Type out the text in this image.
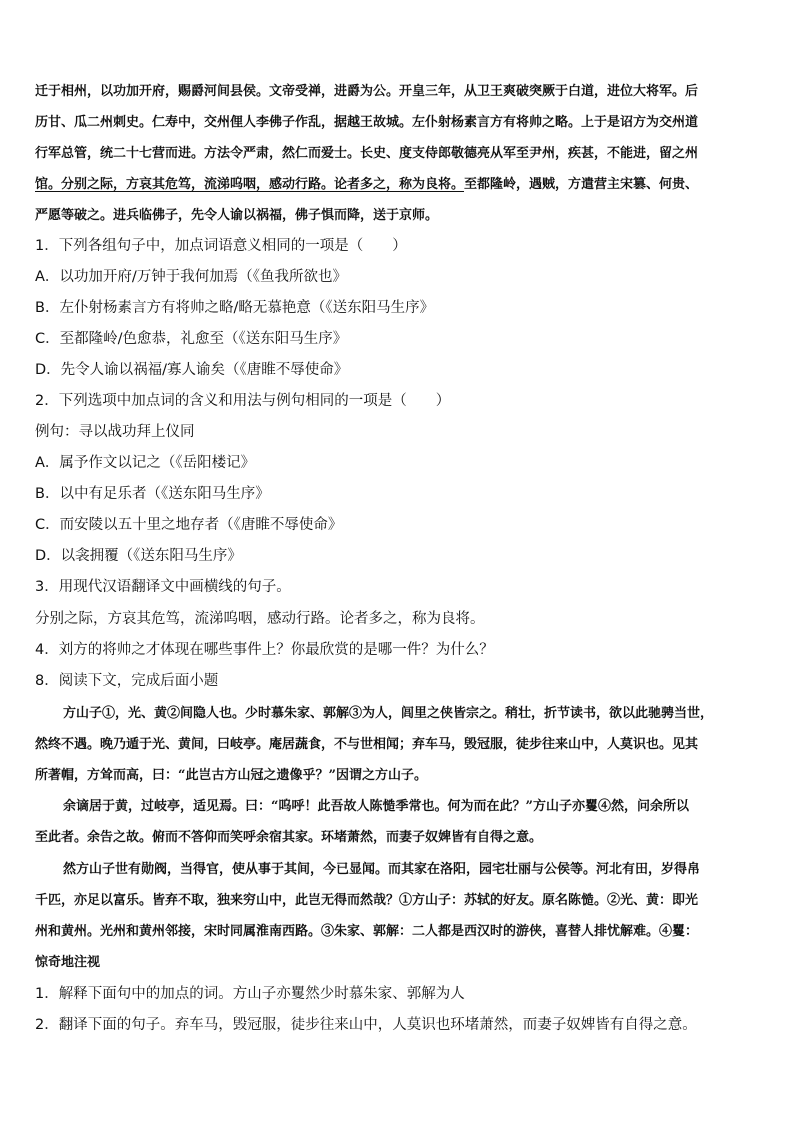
迁于相州，以功加开府，赐爵河间县侯。文帝受禅，进爵为公。开皇三年，从卫王爽破突厥于白道，进位大将军。后
历甘、瓜二州刺史。仁寿中，交州俚人李佛子作乱，据越王故城。左仆射杨素言方有将帅之略。上于是诏方为交州道
行军总管，统二十七营而进。方法令严肃，然仁而爱士。长史、度支侍郎敬德亮从军至尹州，疾甚，不能进，留之州
馆。分别之际，方哀其危笃，流涕呜咽，感动行路。论者多之，称为良将。至都隆岭，遇贼，方遣营主宋篡、何贵、
严愿等破之。进兵临佛子，先令人谕以祸福，佛子惧而降，送于京师。
1．下列各组句子中，加点词语意义相同的一项是（　　）
A．以功加开府/万钟于我何加焉（《鱼我所欲也》
B．左仆射杨素言方有将帅之略/略无慕艳意（《送东阳马生序》
C．至都隆岭/色愈恭，礼愈至（《送东阳马生序》
D．先令人谕以祸福/寡人谕矣（《唐睢不辱使命》
2．下列选项中加点词的含义和用法与例句相同的一项是（　　）
例句：寻以战功拜上仪同
A．属予作文以记之（《岳阳楼记》
B．以中有足乐者（《送东阳马生序》
C．而安陵以五十里之地存者（《唐睢不辱使命》
D．以衾拥覆（《送东阳马生序》
3．用现代汉语翻译文中画横线的句子。
分别之际，方哀其危笃，流涕呜咽，感动行路。论者多之，称为良将。
4．刘方的将帅之才体现在哪些事件上？你最欣赏的是哪一件？为什么？
8．阅读下文，完成后面小题
方山子①，光、黄②间隐人也。少时慕朱家、郭解③为人，闾里之侠皆宗之。稍壮，折节读书，欲以此驰骋当世，
然终不遇。晚乃遁于光、黄间，曰岐亭。庵居蔬食，不与世相闻；弃车马，毁冠服，徒步往来山中，人莫识也。见其
所著帽，方耸而高，曰：“此岂古方山冠之遗像乎？”因谓之方山子。
余谪居于黄，过岐亭，适见焉。曰：“呜呼！此吾故人陈慥季常也。何为而在此？”方山子亦矍④然，问余所以
至此者。余告之故。俯而不答仰而笑呼余宿其家。环堵萧然，而妻子奴婢皆有自得之意。
然方山子世有勋阀，当得官，使从事于其间，今已显闻。而其家在洛阳，园宅壮丽与公侯等。河北有田，岁得帛
千匹，亦足以富乐。皆弃不取，独来穷山中，此岂无得而然哉？①方山子：苏轼的好友。原名陈慥。②光、黄：即光
州和黄州。光州和黄州邻接，宋时同属淮南西路。③朱家、郭解：二人都是西汉时的游侠，喜替人排忧解难。④矍：
惊奇地注视
1．解释下面句中的加点的词。方山子亦矍然少时慕朱家、郭解为人
2．翻译下面的句子。弃车马，毁冠服，徒步往来山中，人莫识也环堵萧然，而妻子奴婢皆有自得之意。
